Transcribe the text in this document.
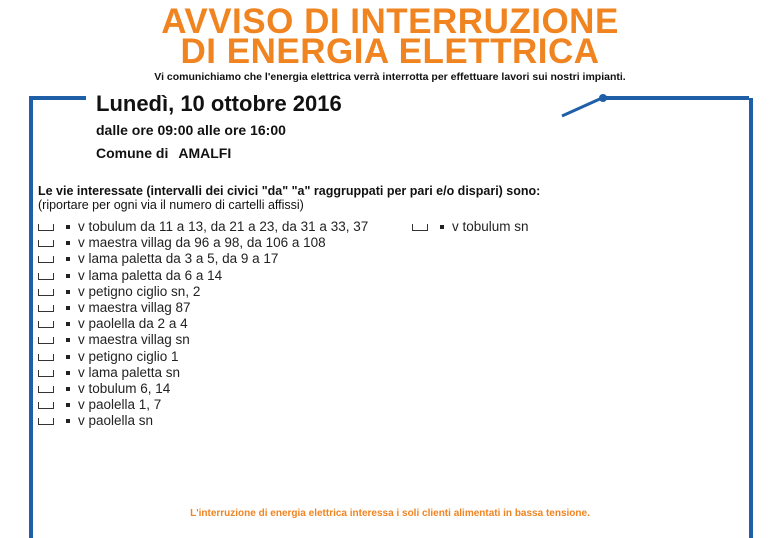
AVVISO DI INTERRUZIONE
DI ENERGIA ELETTRICA
Vi comunichiamo che l'energia elettrica verrà interrotta per effettuare lavori sui nostri impianti.
Lunedì, 10 ottobre 2016
dalle ore 09:00 alle ore 16:00
Comune di AMALFI
Le vie interessate (intervalli dei civici "da" "a" raggruppati per pari e/o dispari) sono:
(riportare per ogni via il numero di cartelli affissi)
v tobulum da 11 a 13, da 21 a 23, da 31 a 33, 37
v maestra villag da 96 a 98, da 106 a 108
v lama paletta da 3 a 5, da 9 a 17
v lama paletta da 6 a 14
v petigno ciglio sn, 2
v maestra villag 87
v paolella da 2 a 4
v maestra villag sn
v petigno ciglio 1
v lama paletta sn
v tobulum 6, 14
v paolella 1, 7
v paolella sn
v tobulum sn
L'interruzione di energia elettrica interessa i soli clienti alimentati in bassa tensione.
